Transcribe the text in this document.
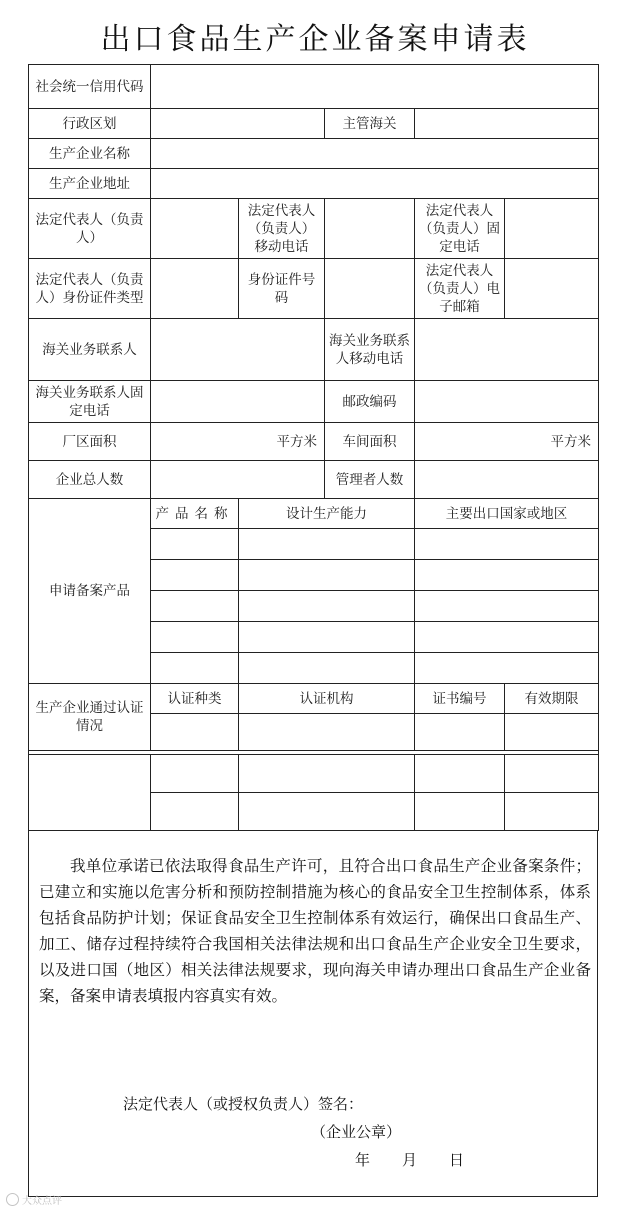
出口食品生产企业备案申请表
社会统一信用代码					
行政区划			主管海关		
生产企业名称					
生产企业地址					
法定代表人（负责人）		法定代表人（负责人）移动电话		法定代表人（负责人）固定电话	
法定代表人（负责人）身份证件类型		身份证件号码		法定代表人（负责人）电子邮箱	
海关业务联系人			海关业务联系人移动电话		
海关业务联系人固定电话			邮政编码		
厂区面积	平方米		车间面积	平方米	

企业总人数			管理者人数		
申请备案产品	产品名称	设计生产能力		主要出口国家或地区	

生产企业通过认证情况	认证种类	认证机构		证书编号	有效期限

我单位承诺已依法取得食品生产许可，且符合出口食品生产企业备案条件；已建立和实施以危害分析和预防控制措施为核心的食品安全卫生控制体系，体系包括食品防护计划；保证食品安全卫生控制体系有效运行，确保出口食品生产、加工、储存过程持续符合我国相关法律法规和出口食品生产企业安全卫生要求，以及进口国（地区）相关法律法规要求，现向海关申请办理出口食品生产企业备案，备案申请表填报内容真实有效。
法定代表人（或授权负责人）签名：
（企业公章）
年 月 日
大众点评
